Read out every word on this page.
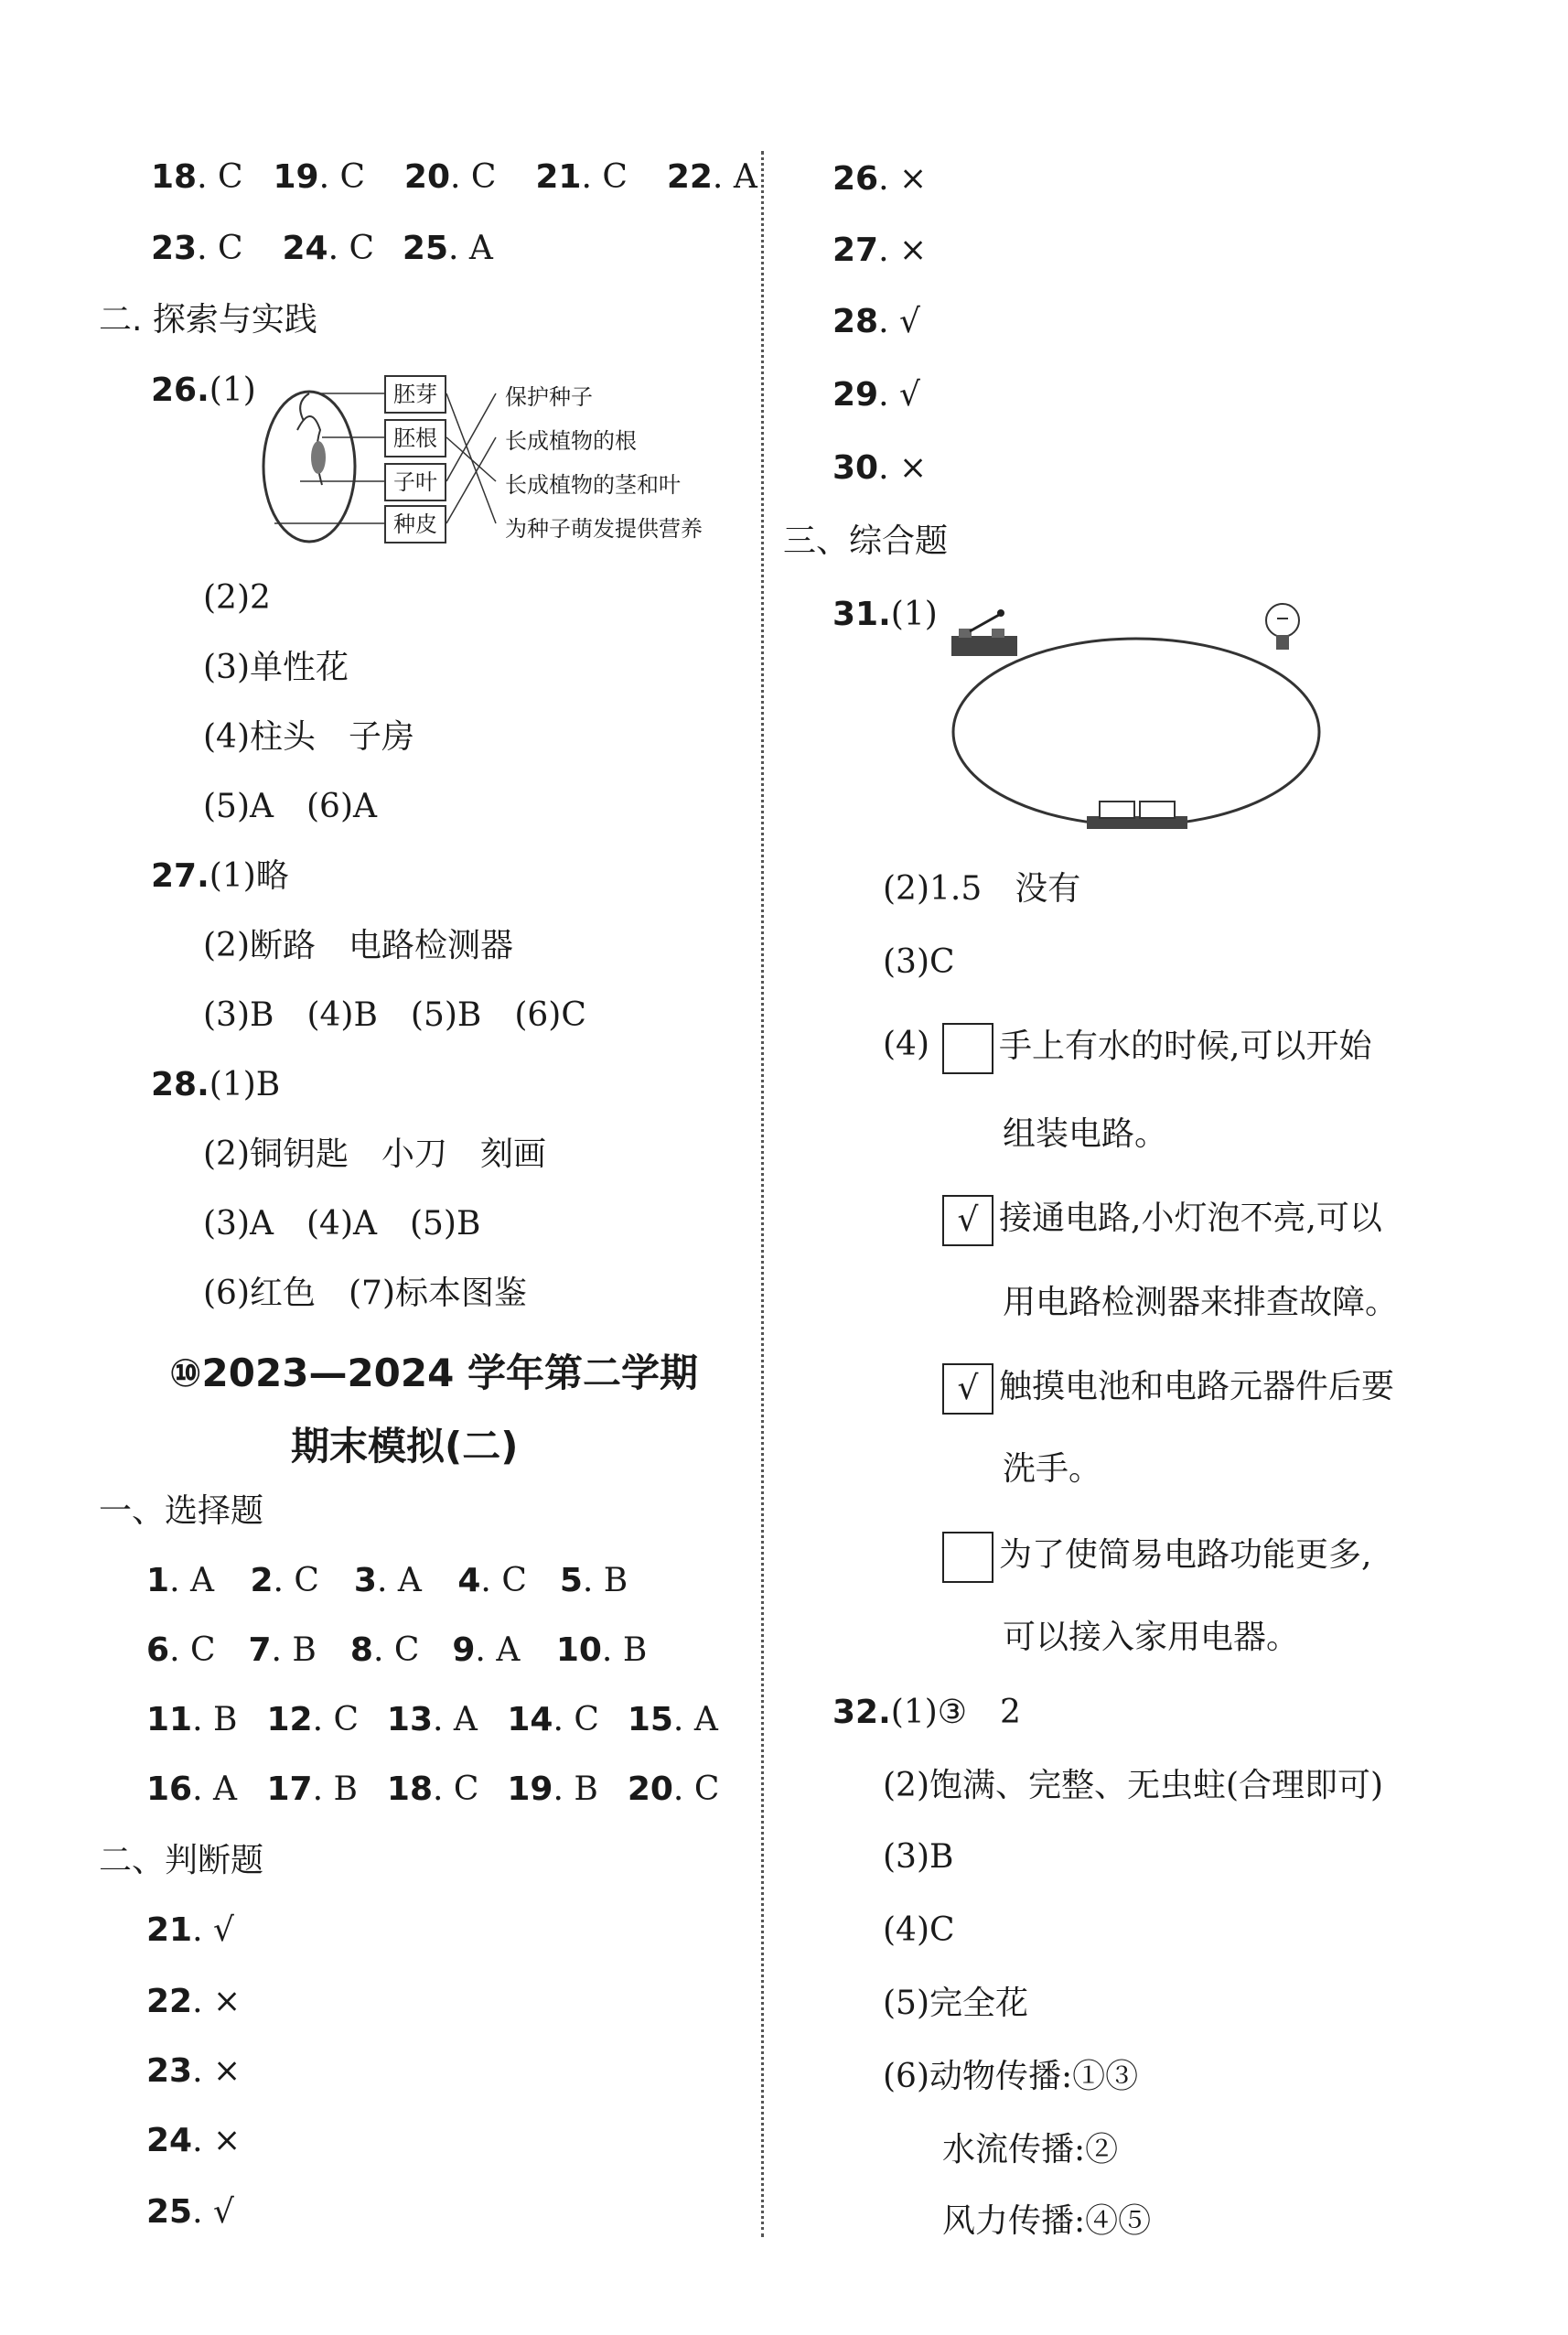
18. C 19. C 20. C 21. C 22. A
23. C 24. C 25. A
二. 探索与实践
26.(1)	胚芽
胚根
子叶
种皮
保护种子
长成植物的根
长成植物的茎和叶
为种子萌发提供营养
(2)2
(3)单性花
(4)柱头　子房
(5)A　(6)A
27.(1)略
(2)断路　电路检测器
(3)B　(4)B　(5)B　(6)C
28.(1)B
(2)铜钥匙　小刀　刻画
(3)A　(4)A　(5)B
(6)红色　(7)标本图鉴
⑩2023—2024 学年第二学期
期末模拟(二)
一、选择题
1. A 2. C 3. A 4. C 5. B
6. C 7. B 8. C 9. A 10. B
11. B 12. C 13. A 14. C 15. A
16. A 17. B 18. C 19. B 20. C
二、判断题
21. √
22. ×
23. ×
24. ×
25. √
26. ×
27. ×
28. √
29. √
30. ×
三、综合题
31.(1)
(2)1.5　没有
(3)C
(4)	手上有水的时候,可以开始
组装电路。
√ 接通电路,小灯泡不亮,可以
用电路检测器来排查故障。
√ 触摸电池和电路元器件后要
洗手。
为了使简易电路功能更多,
可以接入家用电器。
32.(1)③　2
(2)饱满、完整、无虫蛀(合理即可)
(3)B
(4)C
(5)完全花
(6)动物传播:①③
水流传播:②
风力传播:④⑤
